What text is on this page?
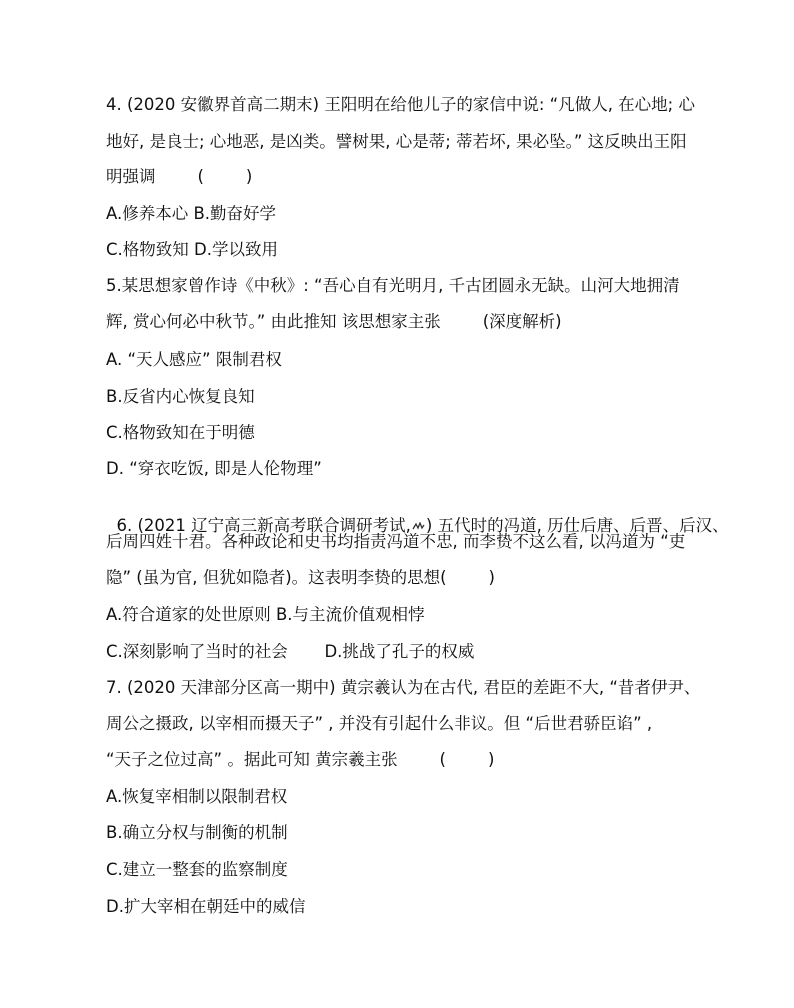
4. (2020 安徽界首高二期末) 王阳明在给他儿子的家信中说: “凡做人, 在心地; 心
地好, 是良士; 心地恶, 是凶类。譬树果, 心是蒂; 蒂若坏, 果必坠。” 这反映出王阳
明强调        (        )
A.修养本心 B.勤奋好学
C.格物致知 D.学以致用
5.某思想家曾作诗《中秋》: “吾心自有光明月, 千古团圆永无缺。山河大地拥清
辉, 赏心何必中秋节。” 由此推知 该思想家主张        (深度解析)
A. “天人感应” 限制君权
B.反省内心恢复良知
C.格物致知在于明德
D. “穿衣吃饭, 即是人伦物理”

6. (2021 辽宁高三新高考联合调研考试, ) 五代时的冯道, 历仕后唐、后晋、后汉、

后周四姓十君。各种政论和史书均指责冯道不忠, 而李贽不这么看, 以冯道为 “吏
隐” (虽为官, 但犹如隐者)。这表明李贽的思想(        )
A.符合道家的处世原则 B.与主流价值观相悖
C.深刻影响了当时的社会       D.挑战了孔子的权威
7. (2020 天津部分区高一期中) 黄宗羲认为在古代, 君臣的差距不大, “昔者伊尹、
周公之摄政, 以宰相而摄天子” , 并没有引起什么非议。但 “后世君骄臣谄” ,
“天子之位过高” 。据此可知 黄宗羲主张        (        )
A.恢复宰相制以限制君权
B.确立分权与制衡的机制
C.建立一整套的监察制度
D.扩大宰相在朝廷中的威信
